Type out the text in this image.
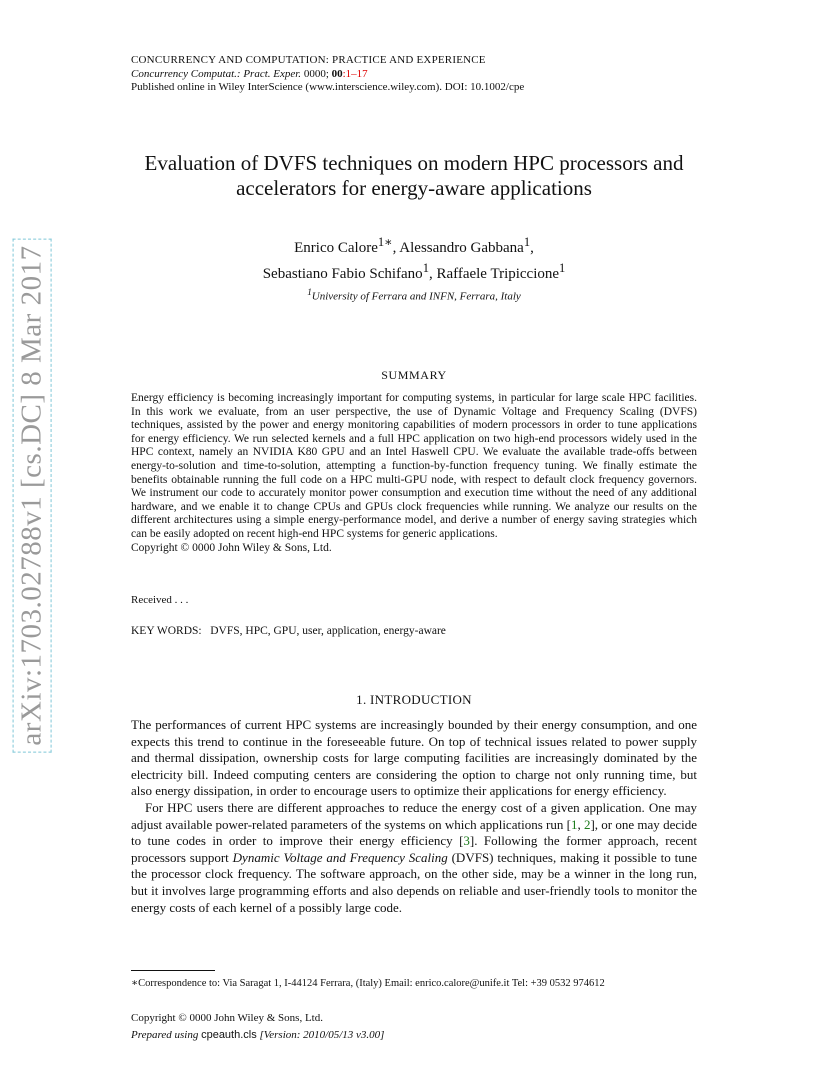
arXiv:1703.02788v1 [cs.DC] 8 Mar 2017
CONCURRENCY AND COMPUTATION: PRACTICE AND EXPERIENCE
Concurrency Computat.: Pract. Exper. 0000; 00:1–17
Published online in Wiley InterScience (www.interscience.wiley.com). DOI: 10.1002/cpe
Evaluation of DVFS techniques on modern HPC processors and
accelerators for energy-aware applications
Enrico Calore$^{1∗}$, Alessandro Gabbana$^1$,
Sebastiano Fabio Schifano$^1$, Raffaele Tripiccione$^1$
$^1$University of Ferrara and INFN, Ferrara, Italy
SUMMARY
Energy efficiency is becoming increasingly important for computing systems, in particular for large scale HPC facilities. In this work we evaluate, from an user perspective, the use of Dynamic Voltage and Frequency Scaling (DVFS) techniques, assisted by the power and energy monitoring capabilities of modern processors in order to tune applications for energy efficiency. We run selected kernels and a full HPC application on two high-end processors widely used in the HPC context, namely an NVIDIA K80 GPU and an Intel Haswell CPU. We evaluate the available trade-offs between energy-to-solution and time-to-solution, attempting a function-by-function frequency tuning. We finally estimate the benefits obtainable running the full code on a HPC multi-GPU node, with respect to default clock frequency governors. We instrument our code to accurately monitor power consumption and execution time without the need of any additional hardware, and we enable it to change CPUs and GPUs clock frequencies while running. We analyze our results on the different architectures using a simple energy-performance model, and derive a number of energy saving strategies which can be easily adopted on recent high-end HPC systems for generic applications.
Copyright © 0000 John Wiley & Sons, Ltd.
Received . . .
KEY WORDS: DVFS, HPC, GPU, user, application, energy-aware
1. INTRODUCTION

The performances of current HPC systems are increasingly bounded by their energy consumption, and one expects this trend to continue in the foreseeable future. On top of technical issues related to power supply and thermal dissipation, ownership costs for large computing facilities are increasingly dominated by the electricity bill. Indeed computing centers are considering the option to charge not only running time, but also energy dissipation, in order to encourage users to optimize their applications for energy efficiency.

For HPC users there are different approaches to reduce the energy cost of a given application. One may adjust available power-related parameters of the systems on which applications run [1, 2], or one may decide to tune codes in order to improve their energy efficiency [3]. Following the former approach, recent processors support Dynamic Voltage and Frequency Scaling (DVFS) techniques, making it possible to tune the processor clock frequency. The software approach, on the other side, may be a winner in the long run, but it involves large programming efforts and also depends on reliable and user-friendly tools to monitor the energy costs of each kernel of a possibly large code.

∗Correspondence to: Via Saragat 1, I-44124 Ferrara, (Italy) Email: enrico.calore@unife.it Tel: +39 0532 974612
Copyright © 0000 John Wiley & Sons, Ltd.
Prepared using cpeauth.cls [Version: 2010/05/13 v3.00]
